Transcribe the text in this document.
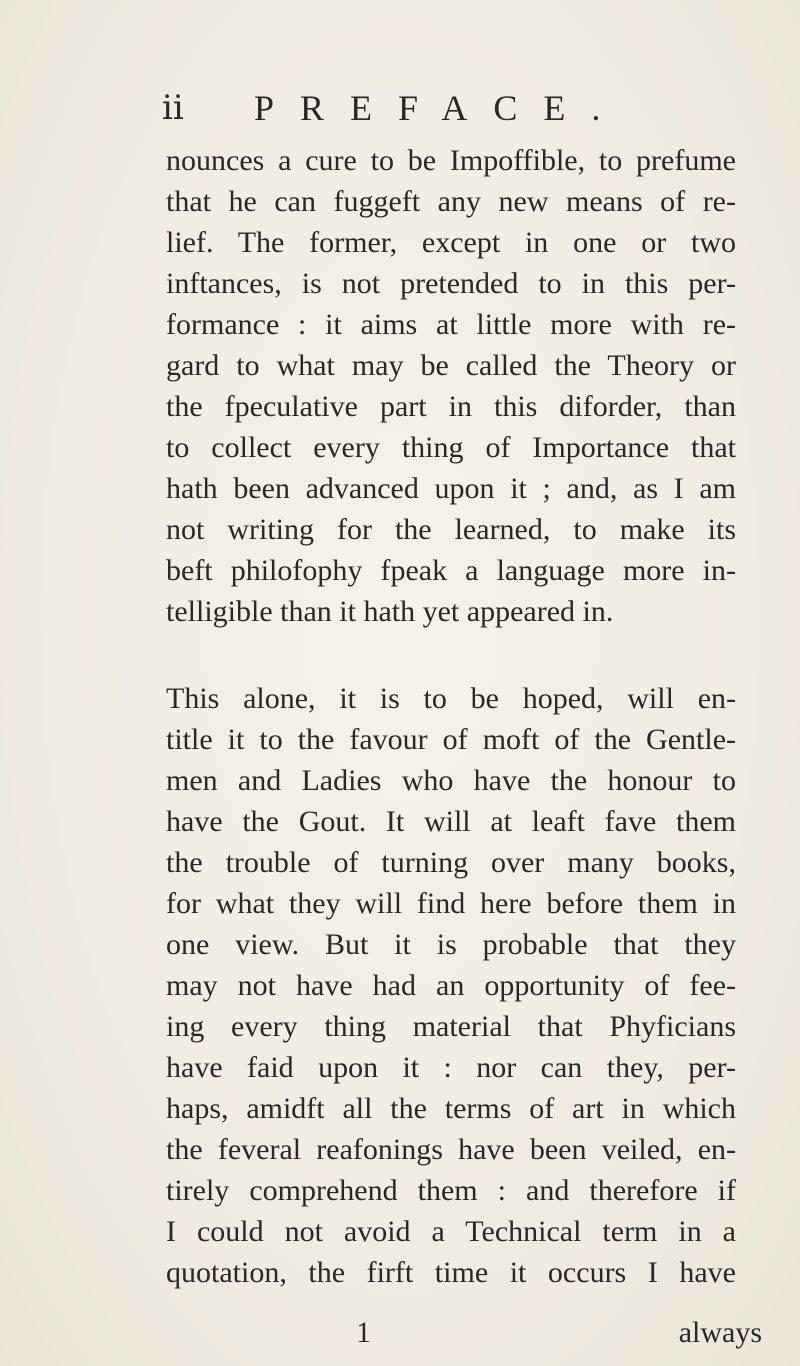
ii PREFACE.
nounces a cure to be Impoffible, to prefume
that he can fuggeft any new means of re-
lief. The former, except in one or two
inftances, is not pretended to in this per-
formance : it aims at little more with re-
gard to what may be called the Theory or
the fpeculative part in this diforder, than
to collect every thing of Importance that
hath been advanced upon it ; and, as I am
not writing for the learned, to make its
beft philofophy fpeak a language more in-
telligible than it hath yet appeared in.
This alone, it is to be hoped, will en-
title it to the favour of moft of the Gentle-
men and Ladies who have the honour to
have the Gout. It will at leaft fave them
the trouble of turning over many books,
for what they will find here before them in
one view. But it is probable that they
may not have had an opportunity of fee-
ing every thing material that Phyficians
have faid upon it : nor can they, per-
haps, amidft all the terms of art in which
the feveral reafonings have been veiled, en-
tirely comprehend them : and therefore if
I could not avoid a Technical term in a
quotation, the firft time it occurs I have
1	always
